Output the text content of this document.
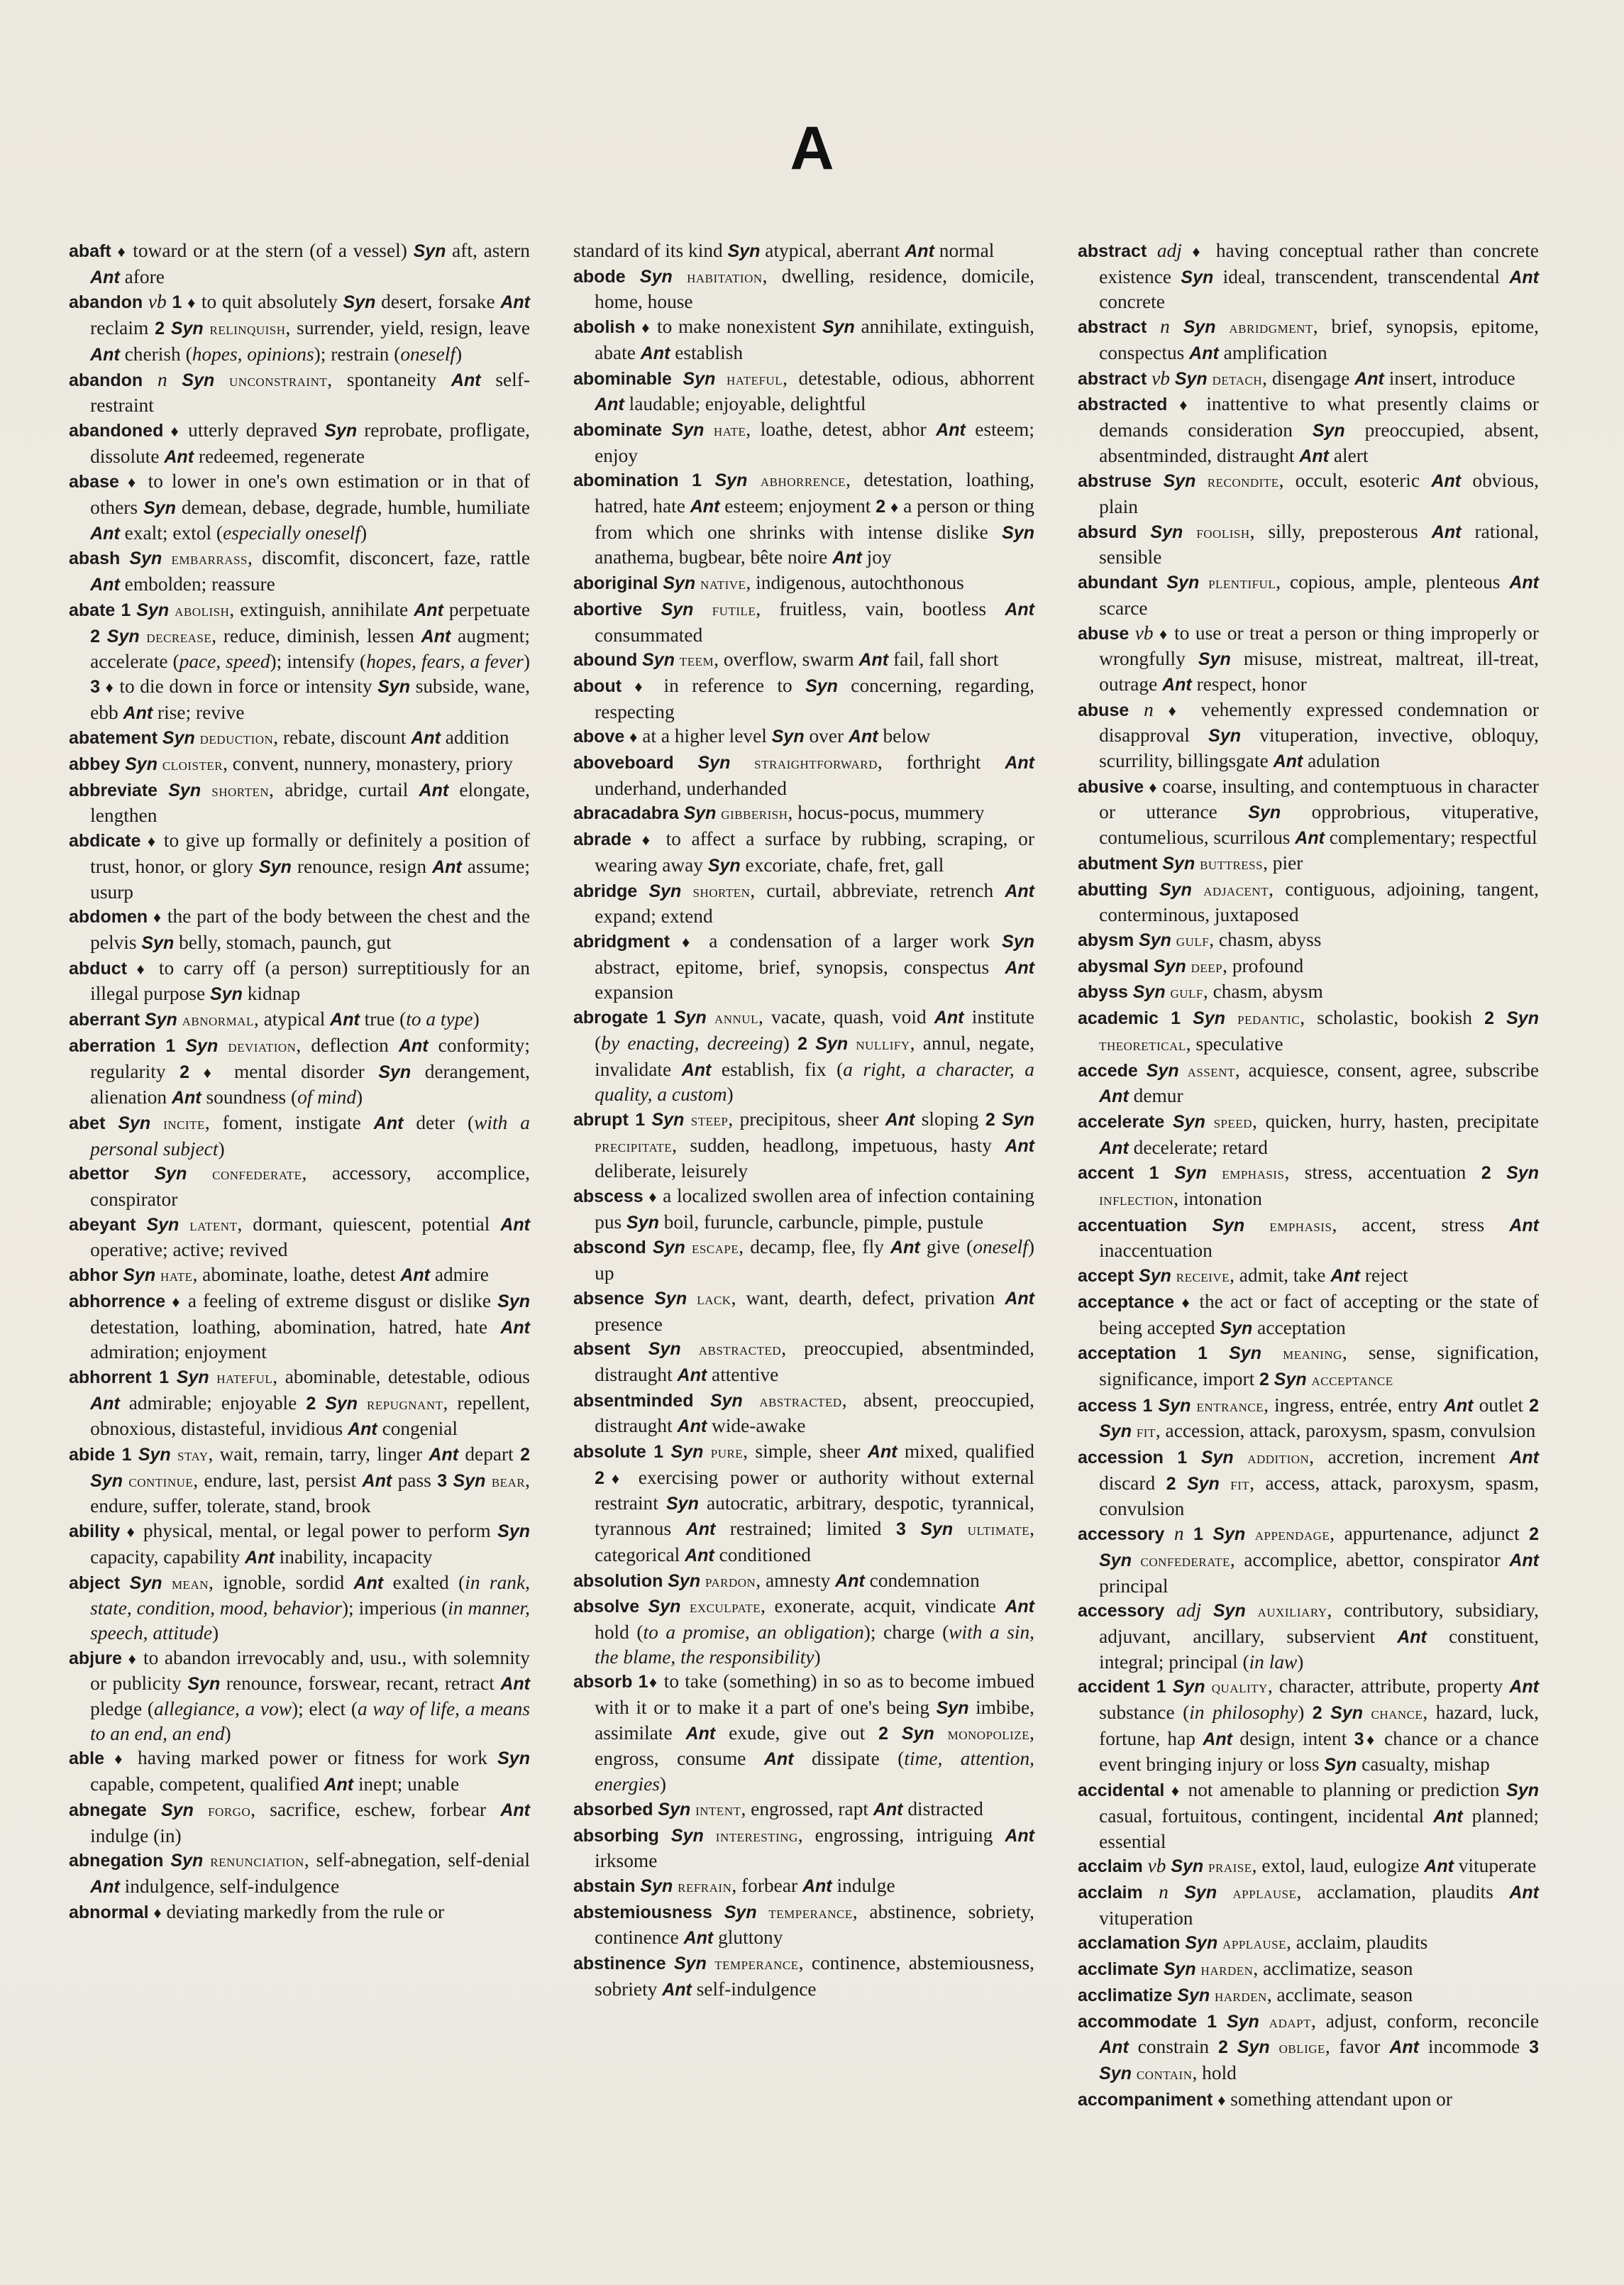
A

abaft ♦ toward or at the stern (of a vessel) Syn aft, astern Ant afore

abandon vb 1 ♦ to quit absolutely Syn desert, forsake Ant reclaim 2 Syn relinquish, surrender, yield, resign, leave Ant cherish (hopes, opinions); restrain (oneself)

abandon n Syn unconstraint, spontaneity Ant self-restraint

abandoned ♦ utterly depraved Syn reprobate, profligate, dissolute Ant redeemed, regenerate

abase ♦ to lower in one's own estimation or in that of others Syn demean, debase, degrade, humble, humiliate Ant exalt; extol (especially oneself)

abash Syn embarrass, discomfit, disconcert, faze, rattle Ant embolden; reassure

abate 1 Syn abolish, extinguish, annihilate Ant perpetuate 2 Syn decrease, reduce, diminish, lessen Ant augment; accelerate (pace, speed); intensify (hopes, fears, a fever) 3 ♦ to die down in force or intensity Syn subside, wane, ebb Ant rise; revive

abatement Syn deduction, rebate, discount Ant addition

abbey Syn cloister, convent, nunnery, monastery, priory

abbreviate Syn shorten, abridge, curtail Ant elongate, lengthen

abdicate ♦ to give up formally or definitely a position of trust, honor, or glory Syn renounce, resign Ant assume; usurp

abdomen ♦ the part of the body between the chest and the pelvis Syn belly, stomach, paunch, gut

abduct ♦ to carry off (a person) surreptitiously for an illegal purpose Syn kidnap

aberrant Syn abnormal, atypical Ant true (to a type)

aberration 1 Syn deviation, deflection Ant conformity; regularity 2 ♦ mental disorder Syn derangement, alienation Ant soundness (of mind)

abet Syn incite, foment, instigate Ant deter (with a personal subject)

abettor Syn confederate, accessory, accomplice, conspirator

abeyant Syn latent, dormant, quiescent, potential Ant operative; active; revived

abhor Syn hate, abominate, loathe, detest Ant admire

abhorrence ♦ a feeling of extreme disgust or dislike Syn detestation, loathing, abomination, hatred, hate Ant admiration; enjoyment

abhorrent 1 Syn hateful, abominable, detestable, odious Ant admirable; enjoyable 2 Syn repugnant, repellent, obnoxious, distasteful, invidious Ant congenial

abide 1 Syn stay, wait, remain, tarry, linger Ant depart 2 Syn continue, endure, last, persist Ant pass 3 Syn bear, endure, suffer, tolerate, stand, brook

ability ♦ physical, mental, or legal power to perform Syn capacity, capability Ant inability, incapacity

abject Syn mean, ignoble, sordid Ant exalted (in rank, state, condition, mood, behavior); imperious (in manner, speech, attitude)

abjure ♦ to abandon irrevocably and, usu., with solemnity or publicity Syn renounce, forswear, recant, retract Ant pledge (allegiance, a vow); elect (a way of life, a means to an end, an end)

able ♦ having marked power or fitness for work Syn capable, competent, qualified Ant inept; unable

abnegate Syn forgo, sacrifice, eschew, forbear Ant indulge (in)

abnegation Syn renunciation, self-abnegation, self-denial Ant indulgence, self-indulgence

abnormal ♦ deviating markedly from the rule or

standard of its kind Syn atypical, aberrant Ant normal

abode Syn habitation, dwelling, residence, domicile, home, house

abolish ♦ to make nonexistent Syn annihilate, extinguish, abate Ant establish

abominable Syn hateful, detestable, odious, abhorrent Ant laudable; enjoyable, delightful

abominate Syn hate, loathe, detest, abhor Ant esteem; enjoy

abomination 1 Syn abhorrence, detestation, loathing, hatred, hate Ant esteem; enjoyment 2 ♦ a person or thing from which one shrinks with intense dislike Syn anathema, bugbear, bête noire Ant joy

aboriginal Syn native, indigenous, autochthonous

abortive Syn futile, fruitless, vain, bootless Ant consummated

abound Syn teem, overflow, swarm Ant fail, fall short

about ♦ in reference to Syn concerning, regarding, respecting

above ♦ at a higher level Syn over Ant below

aboveboard Syn straightforward, forthright Ant underhand, underhanded

abracadabra Syn gibberish, hocus-pocus, mummery

abrade ♦ to affect a surface by rubbing, scraping, or wearing away Syn excoriate, chafe, fret, gall

abridge Syn shorten, curtail, abbreviate, retrench Ant expand; extend

abridgment ♦ a condensation of a larger work Syn abstract, epitome, brief, synopsis, conspectus Ant expansion

abrogate 1 Syn annul, vacate, quash, void Ant institute (by enacting, decreeing) 2 Syn nullify, annul, negate, invalidate Ant establish, fix (a right, a character, a quality, a custom)

abrupt 1 Syn steep, precipitous, sheer Ant sloping 2 Syn precipitate, sudden, headlong, impetuous, hasty Ant deliberate, leisurely

abscess ♦ a localized swollen area of infection containing pus Syn boil, furuncle, carbuncle, pimple, pustule

abscond Syn escape, decamp, flee, fly Ant give (oneself) up

absence Syn lack, want, dearth, defect, privation Ant presence

absent Syn abstracted, preoccupied, absentminded, distraught Ant attentive

absentminded Syn abstracted, absent, preoccupied, distraught Ant wide-awake

absolute 1 Syn pure, simple, sheer Ant mixed, qualified 2♦ exercising power or authority without external restraint Syn autocratic, arbitrary, despotic, tyrannical, tyrannous Ant restrained; limited 3 Syn ultimate, categorical Ant conditioned

absolution Syn pardon, amnesty Ant condemnation

absolve Syn exculpate, exonerate, acquit, vindicate Ant hold (to a promise, an obligation); charge (with a sin, the blame, the responsibility)

absorb 1♦ to take (something) in so as to become imbued with it or to make it a part of one's being Syn imbibe, assimilate Ant exude, give out 2 Syn monopolize, engross, consume Ant dissipate (time, attention, energies)

absorbed Syn intent, engrossed, rapt Ant distracted

absorbing Syn interesting, engrossing, intriguing Ant irksome

abstain Syn refrain, forbear Ant indulge

abstemiousness Syn temperance, abstinence, sobriety, continence Ant gluttony

abstinence Syn temperance, continence, abstemiousness, sobriety Ant self-indulgence

abstract adj ♦ having conceptual rather than concrete existence Syn ideal, transcendent, transcendental Ant concrete

abstract n Syn abridgment, brief, synopsis, epitome, conspectus Ant amplification

abstract vb Syn detach, disengage Ant insert, introduce

abstracted ♦ inattentive to what presently claims or demands consideration Syn preoccupied, absent, absentminded, distraught Ant alert

abstruse Syn recondite, occult, esoteric Ant obvious, plain

absurd Syn foolish, silly, preposterous Ant rational, sensible

abundant Syn plentiful, copious, ample, plenteous Ant scarce

abuse vb ♦ to use or treat a person or thing improperly or wrongfully Syn misuse, mistreat, maltreat, ill-treat, outrage Ant respect, honor

abuse n ♦ vehemently expressed condemnation or disapproval Syn vituperation, invective, obloquy, scurrility, billingsgate Ant adulation

abusive ♦ coarse, insulting, and contemptuous in character or utterance Syn opprobrious, vituperative, contumelious, scurrilous Ant complementary; respectful

abutment Syn buttress, pier

abutting Syn adjacent, contiguous, adjoining, tangent, conterminous, juxtaposed

abysm Syn gulf, chasm, abyss

abysmal Syn deep, profound

abyss Syn gulf, chasm, abysm

academic 1 Syn pedantic, scholastic, bookish 2 Syn theoretical, speculative

accede Syn assent, acquiesce, consent, agree, subscribe Ant demur

accelerate Syn speed, quicken, hurry, hasten, precipitate Ant decelerate; retard

accent 1 Syn emphasis, stress, accentuation 2 Syn inflection, intonation

accentuation Syn emphasis, accent, stress Ant inaccentuation

accept Syn receive, admit, take Ant reject

acceptance ♦ the act or fact of accepting or the state of being accepted Syn acceptation

acceptation 1 Syn meaning, sense, signification, significance, import 2 Syn acceptance

access 1 Syn entrance, ingress, entrée, entry Ant outlet 2 Syn fit, accession, attack, paroxysm, spasm, convulsion

accession 1 Syn addition, accretion, increment Ant discard 2 Syn fit, access, attack, paroxysm, spasm, convulsion

accessory n 1 Syn appendage, appurtenance, adjunct 2 Syn confederate, accomplice, abettor, conspirator Ant principal

accessory adj Syn auxiliary, contributory, subsidiary, adjuvant, ancillary, subservient Ant constituent, integral; principal (in law)

accident 1 Syn quality, character, attribute, property Ant substance (in philosophy) 2 Syn chance, hazard, luck, fortune, hap Ant design, intent 3♦ chance or a chance event bringing injury or loss Syn casualty, mishap

accidental ♦ not amenable to planning or prediction Syn casual, fortuitous, contingent, incidental Ant planned; essential

acclaim vb Syn praise, extol, laud, eulogize Ant vituperate

acclaim n Syn applause, acclamation, plaudits Ant vituperation

acclamation Syn applause, acclaim, plaudits

acclimate Syn harden, acclimatize, season

acclimatize Syn harden, acclimate, season

accommodate 1 Syn adapt, adjust, conform, reconcile Ant constrain 2 Syn oblige, favor Ant incommode 3 Syn contain, hold

accompaniment ♦ something attendant upon or
